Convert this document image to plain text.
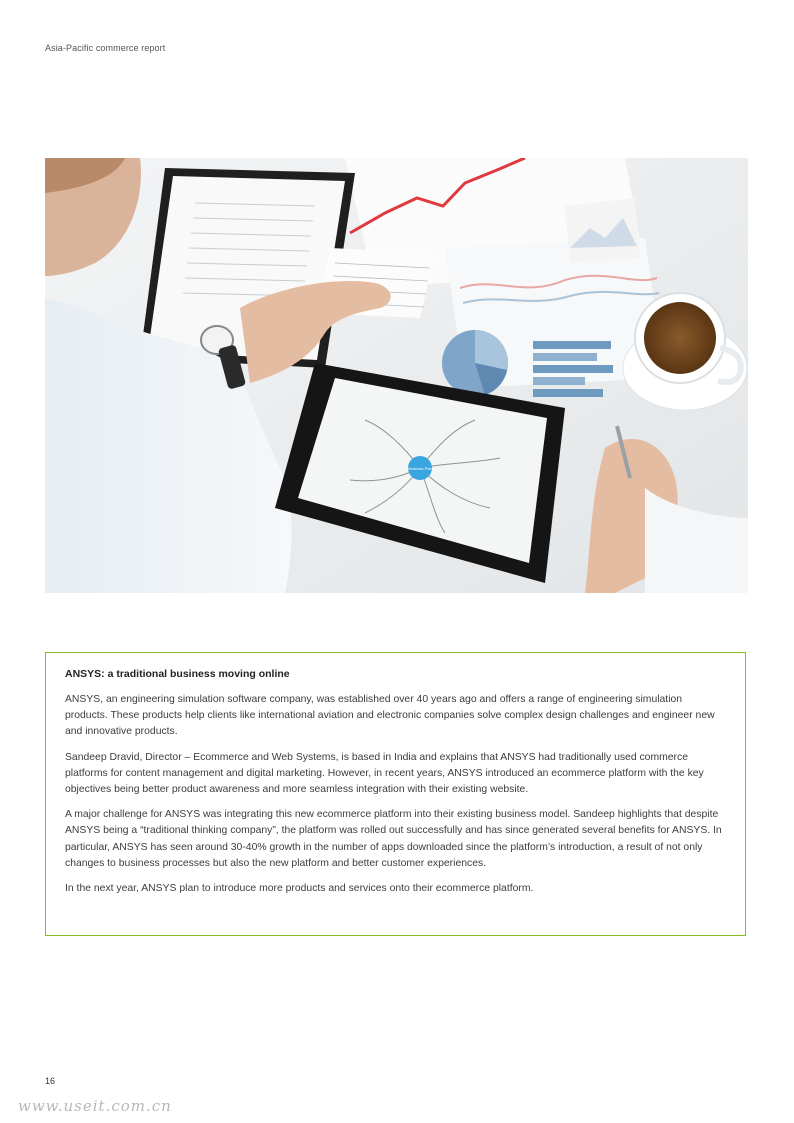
Asia-Pacific commerce report
Business Plan
ANSYS: a traditional business moving online

ANSYS, an engineering simulation software company, was established over 40 years ago and offers a range of engineering simulation products. These products help clients like international aviation and electronic companies solve complex design challenges and engineer new and innovative products.

Sandeep Dravid, Director – Ecommerce and Web Systems, is based in India and explains that ANSYS had traditionally used commerce platforms for content management and digital marketing. However, in recent years, ANSYS introduced an ecommerce platform with the key objectives being better product awareness and more seamless integration with their existing website.

A major challenge for ANSYS was integrating this new ecommerce platform into their existing business model. Sandeep highlights that despite ANSYS being a “traditional thinking company”, the platform was rolled out successfully and has since generated several benefits for ANSYS. In particular, ANSYS has seen around 30-40% growth in the number of apps downloaded since the platform’s introduction, a result of not only changes to business processes but also the new platform and better customer experiences.

In the next year, ANSYS plan to introduce more products and services onto their ecommerce platform.

16
www.useit.com.cn
